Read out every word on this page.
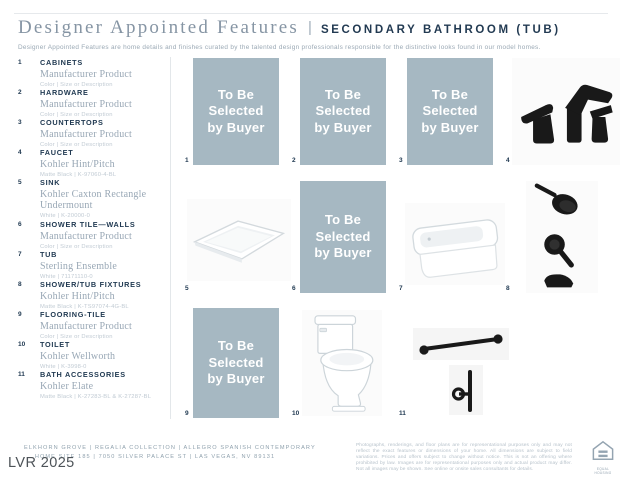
Designer Appointed Features | SECONDARY BATHROOM (TUB)
Designer Appointed Features are home details and finishes curated by the talented design professionals responsible for the distinctive looks found in our model homes.
1	CABINETS
Manufacturer Product
Color | Size or Description
2	HARDWARE
Manufacturer Product
Color | Size or Description
3	COUNTERTOPS
Manufacturer Product
Color | Size or Description
4	FAUCET
Kohler Hint/Pitch
Matte Black | K-97060-4-BL
5	SINK
Kohler Caxton Rectangle Undermount
White | K-20000-0
6	SHOWER TILE—WALLS
Manufacturer Product
Color | Size or Description
7	TUB
Sterling Ensemble
White | 71171110-0
8	SHOWER/TUB FIXTURES
Kohler Hint/Pitch
Matte Black | K-TS97074-4G-BL
9	FLOORING-TILE
Manufacturer Product
Color | Size or Description
10	TOILET
Kohler Wellworth
White | K-3998-0
11	BATH ACCESSORIES
Kohler Elate
Matte Black | K-27283-BL & K-27287-BL
1
To Be Selected by Buyer
2
To Be Selected by Buyer
3
To Be Selected by Buyer
4
5	6
To Be Selected by Buyer
7	8
9
To Be Selected by Buyer
10	11
ELKHORN GROVE | REGALIA COLLECTION | ALLEGRO SPANISH CONTEMPORARY
HOME SITE 185 | 7050 SILVER PALACE ST | LAS VEGAS, NV 89131
LVR 2025
Photographs, renderings, and floor plans are for representational purposes only and may not reflect the exact features or dimensions of your home. All dimensions are subject to field variations. Prices and offers subject to change without notice. This is not an offering where prohibited by law. Images are for representational purposes only and actual product may differ. Not all images may be shown. See online or onsite sales consultants for details.	EQUAL HOUSING
